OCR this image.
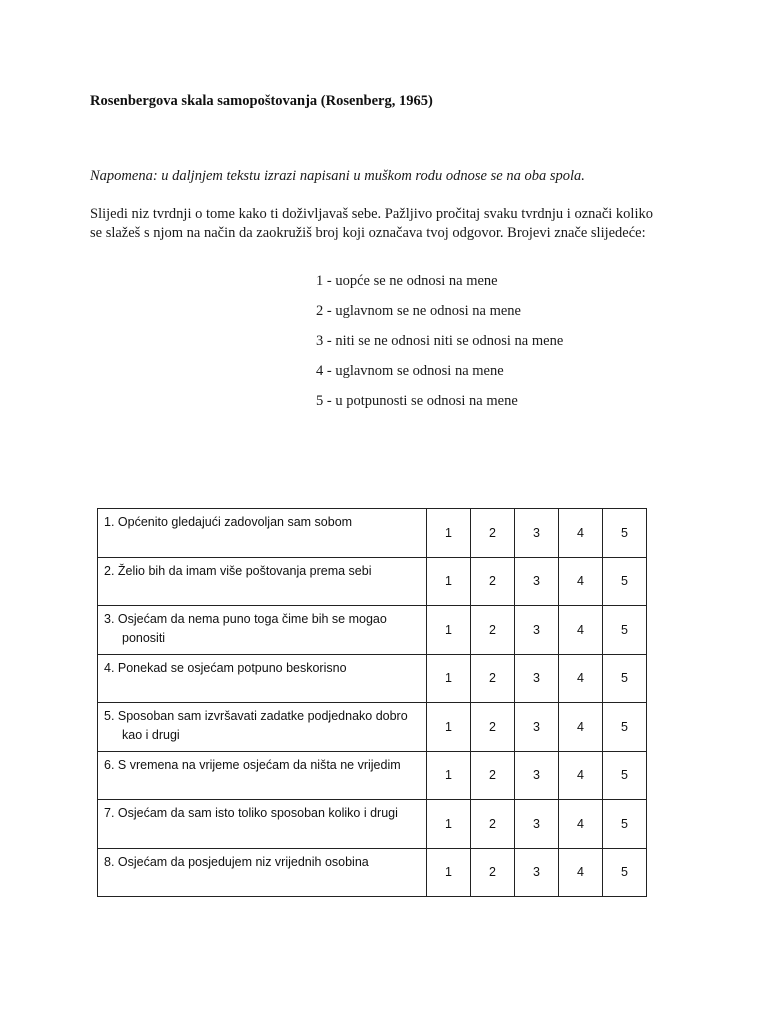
Rosenbergova skala samopoštovanja (Rosenberg, 1965)
Napomena: u daljnjem tekstu izrazi napisani u muškom rodu odnose se na oba spola.
Slijedi niz tvrdnji o tome kako ti doživljavaš sebe. Pažljivo pročitaj svaku tvrdnju i označi koliko
se slažeš s njom na način da zaokružiš broj koji označava tvoj odgovor. Brojevi znače slijedeće:
1 - uopće se ne odnosi na mene
2 - uglavnom se ne odnosi na mene
3 - niti se ne odnosi niti se odnosi na mene
4 - uglavnom se odnosi na mene
5 - u potpunosti se odnosi na mene
1. Općenito gledajući zadovoljan sam sobom	1	2	3	4	5
2. Želio bih da imam više poštovanja prema sebi	1	2	3	4	5
3. Osjećam da nema puno toga čime bih se mogao
ponositi	1	2	3	4	5
4. Ponekad se osjećam potpuno beskorisno	1	2	3	4	5
5. Sposoban sam izvršavati zadatke podjednako dobro
kao i drugi	1	2	3	4	5
6. S vremena na vrijeme osjećam da ništa ne vrijedim	1	2	3	4	5
7. Osjećam da sam isto toliko sposoban koliko i drugi	1	2	3	4	5
8. Osjećam da posjedujem niz vrijednih osobina	1	2	3	4	5
